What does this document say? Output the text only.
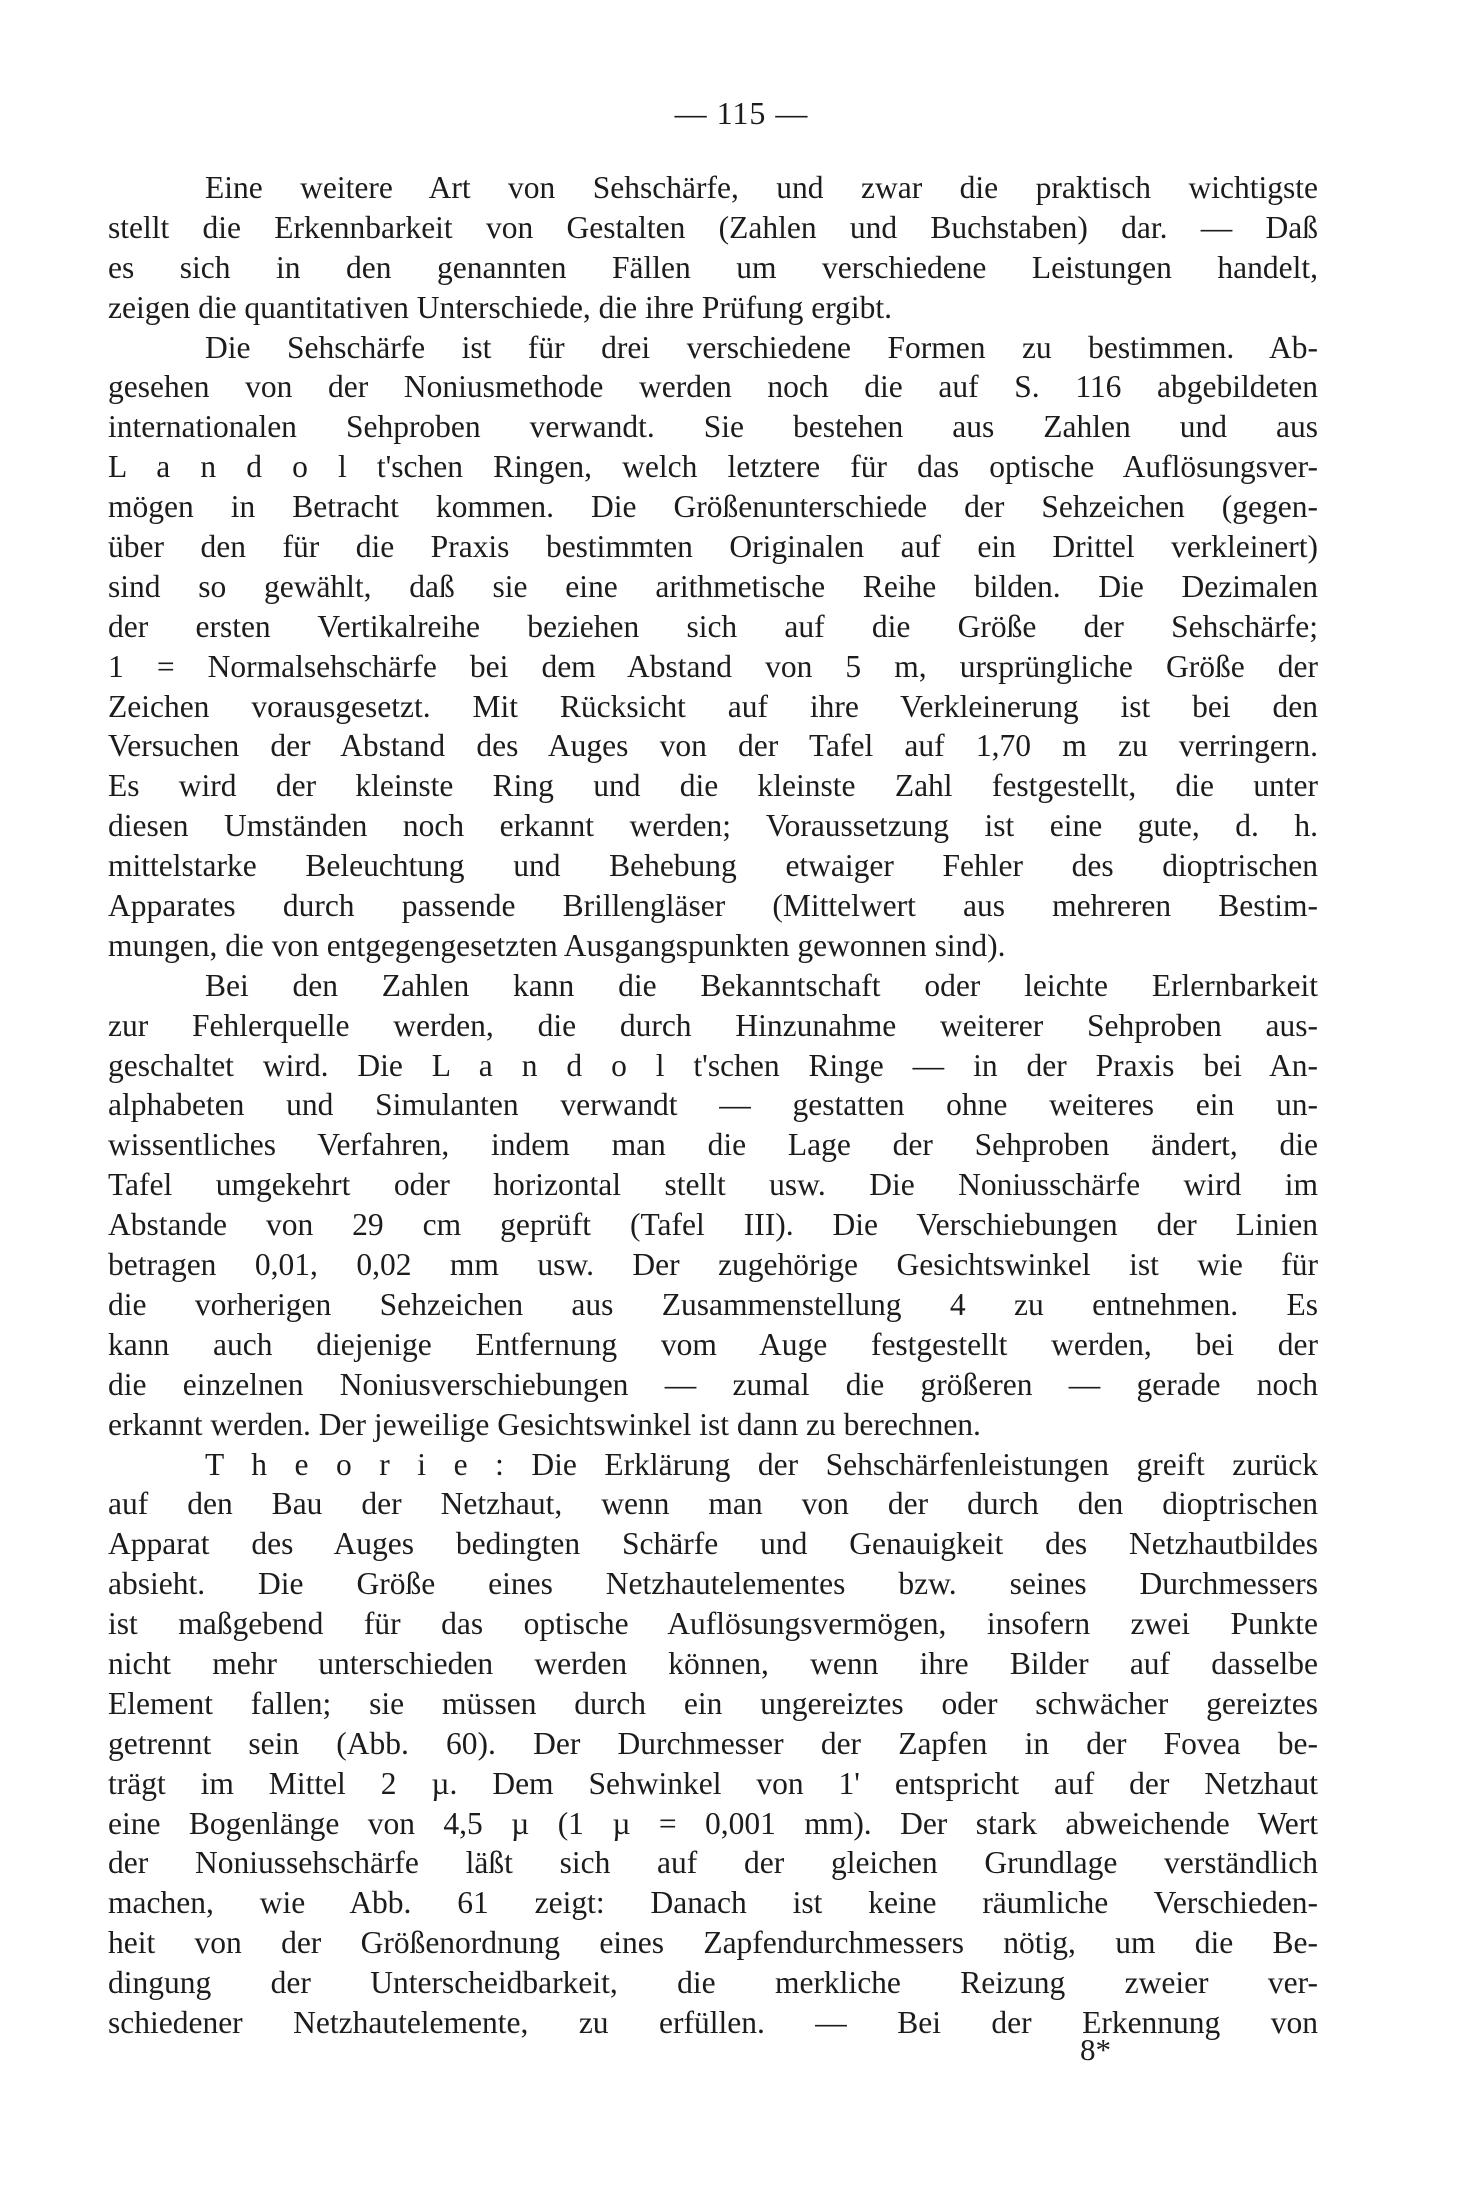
— 115 —
Eine weitere Art von Sehschärfe, und zwar die praktisch wichtigste
stellt die Erkennbarkeit von Gestalten (Zahlen und Buchstaben) dar. — Daß
es sich in den genannten Fällen um verschiedene Leistungen handelt,
zeigen die quantitativen Unterschiede, die ihre Prüfung ergibt.
Die Sehschärfe ist für drei verschiedene Formen zu bestimmen. Ab-
gesehen von der Noniusmethode werden noch die auf S. 116 abgebildeten
internationalen Sehproben verwandt. Sie bestehen aus Zahlen und aus
L a n d o l t'schen Ringen, welch letztere für das optische Auflösungsver-
mögen in Betracht kommen. Die Größenunterschiede der Sehzeichen (gegen-
über den für die Praxis bestimmten Originalen auf ein Drittel verkleinert)
sind so gewählt, daß sie eine arithmetische Reihe bilden. Die Dezimalen
der ersten Vertikalreihe beziehen sich auf die Größe der Sehschärfe;
1 = Normalsehschärfe bei dem Abstand von 5 m, ursprüngliche Größe der
Zeichen vorausgesetzt. Mit Rücksicht auf ihre Verkleinerung ist bei den
Versuchen der Abstand des Auges von der Tafel auf 1,70 m zu verringern.
Es wird der kleinste Ring und die kleinste Zahl festgestellt, die unter
diesen Umständen noch erkannt werden; Voraussetzung ist eine gute, d. h.
mittelstarke Beleuchtung und Behebung etwaiger Fehler des dioptrischen
Apparates durch passende Brillengläser (Mittelwert aus mehreren Bestim-
mungen, die von entgegengesetzten Ausgangspunkten gewonnen sind).
Bei den Zahlen kann die Bekanntschaft oder leichte Erlernbarkeit
zur Fehlerquelle werden, die durch Hinzunahme weiterer Sehproben aus-
geschaltet wird. Die L a n d o l t'schen Ringe — in der Praxis bei An-
alphabeten und Simulanten verwandt — gestatten ohne weiteres ein un-
wissentliches Verfahren, indem man die Lage der Sehproben ändert, die
Tafel umgekehrt oder horizontal stellt usw. Die Noniusschärfe wird im
Abstande von 29 cm geprüft (Tafel III). Die Verschiebungen der Linien
betragen 0,01, 0,02 mm usw. Der zugehörige Gesichtswinkel ist wie für
die vorherigen Sehzeichen aus Zusammenstellung 4 zu entnehmen. Es
kann auch diejenige Entfernung vom Auge festgestellt werden, bei der
die einzelnen Noniusverschiebungen — zumal die größeren — gerade noch
erkannt werden. Der jeweilige Gesichtswinkel ist dann zu berechnen.
T h e o r i e : Die Erklärung der Sehschärfenleistungen greift zurück
auf den Bau der Netzhaut, wenn man von der durch den dioptrischen
Apparat des Auges bedingten Schärfe und Genauigkeit des Netzhautbildes
absieht. Die Größe eines Netzhautelementes bzw. seines Durchmessers
ist maßgebend für das optische Auflösungsvermögen, insofern zwei Punkte
nicht mehr unterschieden werden können, wenn ihre Bilder auf dasselbe
Element fallen; sie müssen durch ein ungereiztes oder schwächer gereiztes
getrennt sein (Abb. 60). Der Durchmesser der Zapfen in der Fovea be-
trägt im Mittel 2 µ. Dem Sehwinkel von 1' entspricht auf der Netzhaut
eine Bogenlänge von 4,5 µ (1 µ = 0,001 mm). Der stark abweichende Wert
der Noniussehschärfe läßt sich auf der gleichen Grundlage verständlich
machen, wie Abb. 61 zeigt: Danach ist keine räumliche Verschieden-
heit von der Größenordnung eines Zapfendurchmessers nötig, um die Be-
dingung der Unterscheidbarkeit, die merkliche Reizung zweier ver-
schiedener Netzhautelemente, zu erfüllen. — Bei der Erkennung von
8*
